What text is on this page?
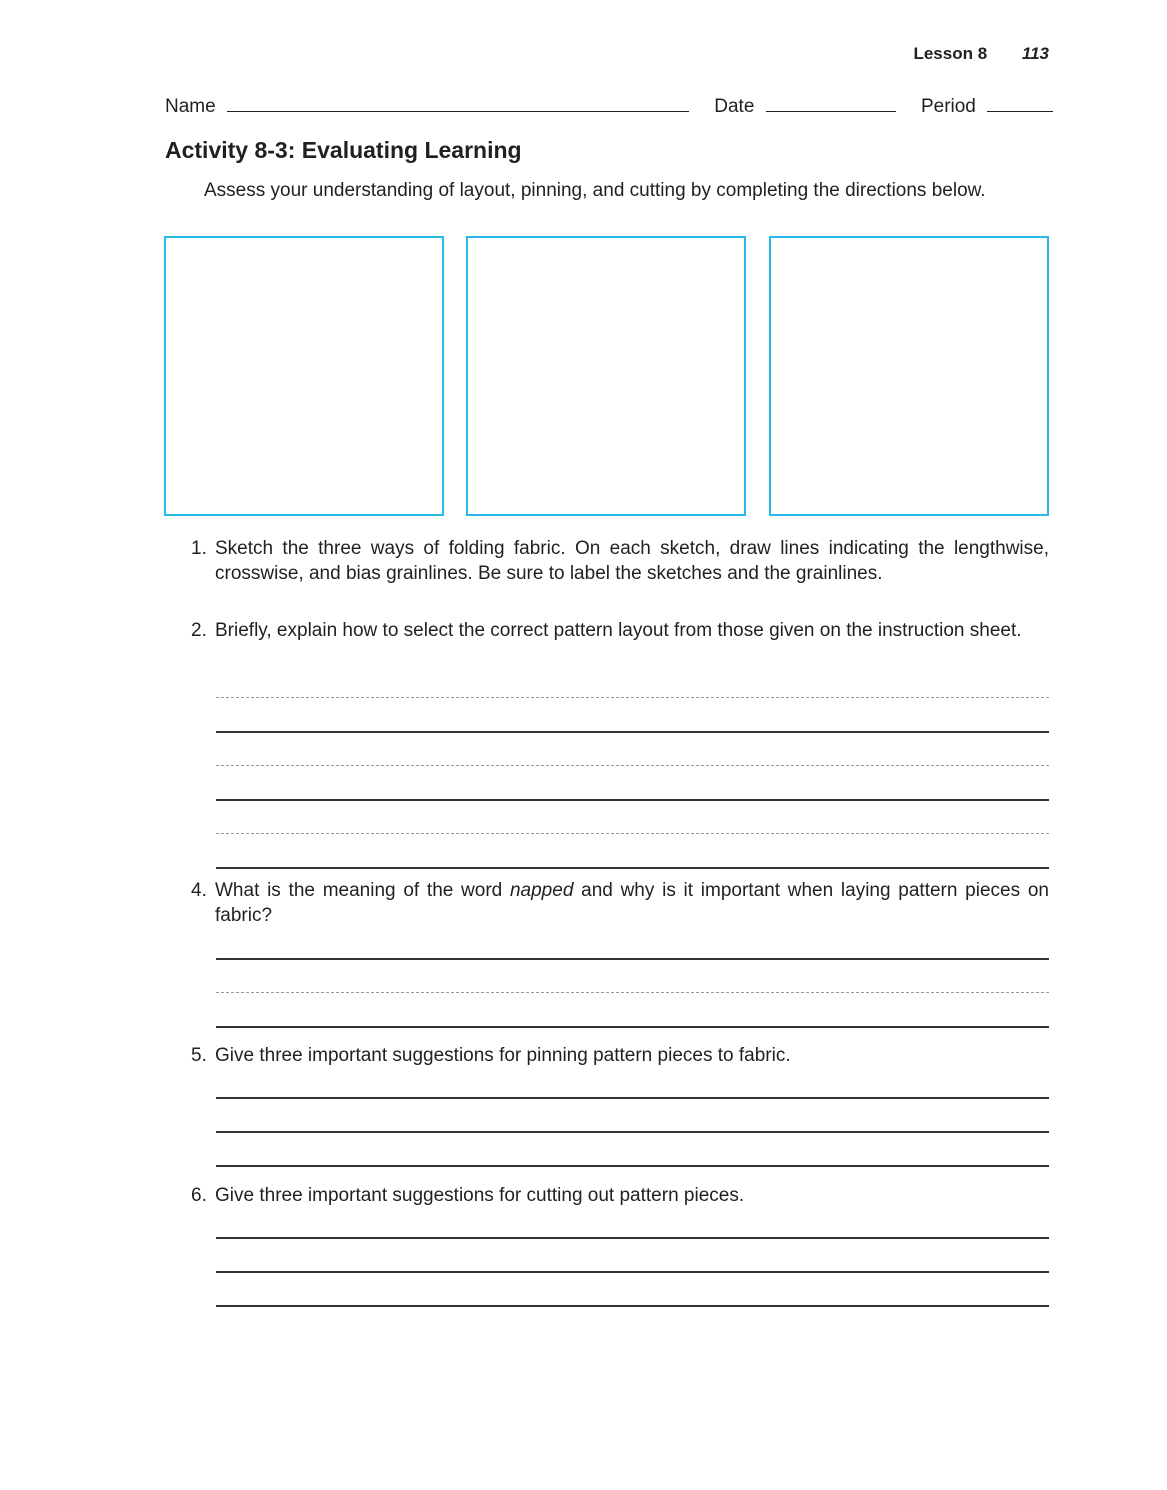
Lesson 8 113
Name	Date	Period
Activity 8-3: Evaluating Learning
Assess your understanding of layout, pinning, and cutting by completing the directions below.
1. Sketch the three ways of folding fabric. On each sketch, draw lines indicating the lengthwise, crosswise, and bias grainlines. Be sure to label the sketches and the grainlines.
2. Briefly, explain how to select the correct pattern layout from those given on the instruction sheet.
4. What is the meaning of the word napped and why is it important when laying pattern pieces on fabric?
5. Give three important suggestions for pinning pattern pieces to fabric.
6. Give three important suggestions for cutting out pattern pieces.
